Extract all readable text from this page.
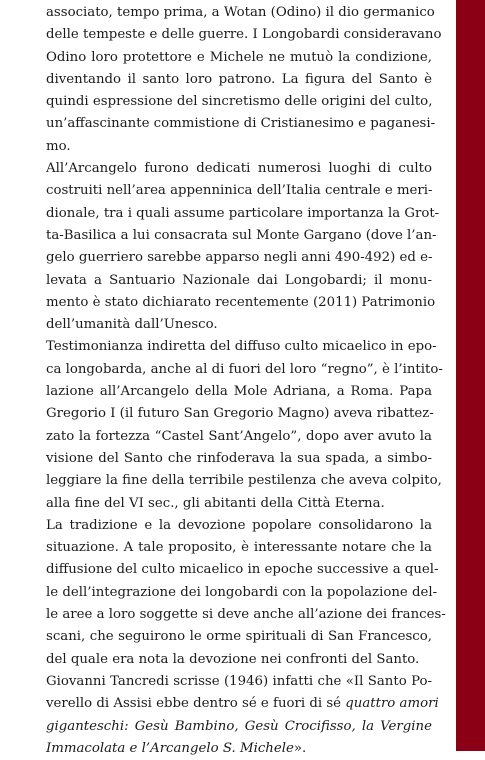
associato, tempo prima, a Wotan (Odino) il dio germanico
delle tempeste e delle guerre. I Longobardi consideravano
Odino loro protettore e Michele ne mutuò la condizione,
diventando il santo loro patrono. La figura del Santo è
quindi espressione del sincretismo delle origini del culto,
un’affascinante commistione di Cristianesimo e paganesi-
mo.
All’Arcangelo furono dedicati numerosi luoghi di culto
costruiti nell’area appenninica dell’Italia centrale e meri-
dionale, tra i quali assume particolare importanza la Grot-
ta-Basilica a lui consacrata sul Monte Gargano (dove l’an-
gelo guerriero sarebbe apparso negli anni 490-492) ed e-
levata a Santuario Nazionale dai Longobardi; il monu-
mento è stato dichiarato recentemente (2011) Patrimonio
dell’umanità dall’Unesco.
Testimonianza indiretta del diffuso culto micaelico in epo-
ca longobarda, anche al di fuori del loro “regno”, è l’intito-
lazione all’Arcangelo della Mole Adriana, a Roma. Papa
Gregorio I (il futuro San Gregorio Magno) aveva ribattez-
zato la fortezza “Castel Sant’Angelo”, dopo aver avuto la
visione del Santo che rinfoderava la sua spada, a simbo-
leggiare la fine della terribile pestilenza che aveva colpito,
alla fine del VI sec., gli abitanti della Città Eterna.
La tradizione e la devozione popolare consolidarono la
situazione. A tale proposito, è interessante notare che la
diffusione del culto micaelico in epoche successive a quel-
le dell’integrazione dei longobardi con la popolazione del-
le aree a loro soggette si deve anche all’azione dei frances-
scani, che seguirono le orme spirituali di San Francesco,
del quale era nota la devozione nei confronti del Santo.
Giovanni Tancredi scrisse (1946) infatti che «Il Santo Po-
verello di Assisi ebbe dentro sé e fuori di sé quattro amori
giganteschi: Gesù Bambino, Gesù Crocifisso, la Vergine
Immacolata e l’Arcangelo S. Michele».
